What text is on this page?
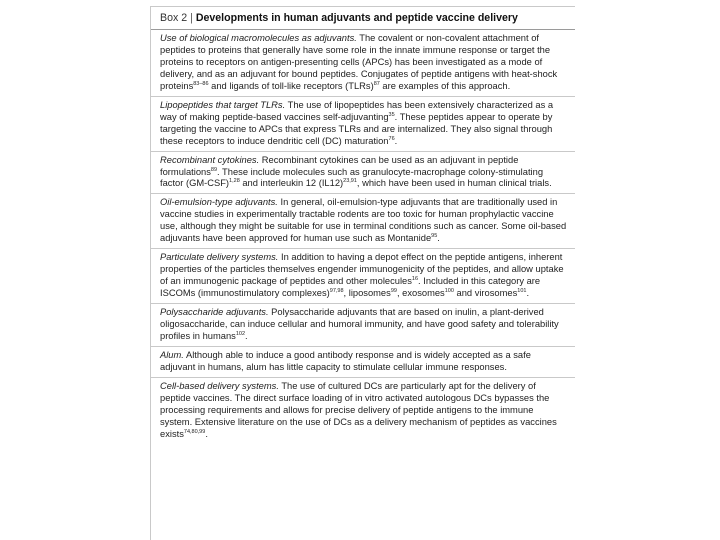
Box 2 | Developments in human adjuvants and peptide vaccine delivery
Use of biological macromolecules as adjuvants. The covalent or non-covalent attachment of peptides to proteins that generally have some role in the innate immune response or target the proteins to receptors on antigen-presenting cells (APCs) has been investigated as a mode of delivery, and as an adjuvant for bound peptides. Conjugates of peptide antigens with heat-shock proteins$^{83-86}$ and ligands of toll-like receptors (TLRs)$^{87}$ are examples of this approach.
Lipopeptides that target TLRs. The use of lipopeptides has been extensively characterized as a way of making peptide-based vaccines self-adjuvanting$^{35}$. These peptides appear to operate by targeting the vaccine to APCs that express TLRs and are internalized. They also signal through these receptors to induce dendritic cell (DC) maturation$^{76}$.
Recombinant cytokines. Recombinant cytokines can be used as an adjuvant in peptide formulations$^{89}$. These include molecules such as granulocyte-macrophage colony-stimulating factor $(GM-CSF)^{1,28}$ and interleukin 12 $(IL12)^{23,91}$, which have been used in human clinical trials.
Oil-emulsion-type adjuvants. In general, oil-emulsion-type adjuvants that are traditionally used in vaccine studies in experimentally tractable rodents are too toxic for human prophylactic vaccine use, although they might be suitable for use in terminal conditions such as cancer. Some oil-based adjuvants have been approved for human use such as Montanide$^{95}$.
Particulate delivery systems. In addition to having a depot effect on the peptide antigens, inherent properties of the particles themselves engender immunogenicity of the peptides, and allow uptake of an immunogenic package of peptides and other molecules$^{16}$. Included in this category are ISCOMs (immunostimulatory complexes)$^{97,98}$, liposomes$^{99}$, exosomes$^{100}$ and virosomes$^{101}$.
Polysaccharide adjuvants. Polysaccharide adjuvants that are based on inulin, a plant-derived oligosaccharide, can induce cellular and humoral immunity, and have good safety and tolerability profiles in humans$^{102}$.
Alum. Although able to induce a good antibody response and is widely accepted as a safe adjuvant in humans, alum has little capacity to stimulate cellular immune responses.
Cell-based delivery systems. The use of cultured DCs are particularly apt for the delivery of peptide vaccines. The direct surface loading of in vitro activated autologous DCs bypasses the processing requirements and allows for precise delivery of peptide antigens to the immune system. Extensive literature on the use of DCs as a delivery mechanism of peptides as vaccines exists$^{74,80,99}$.
